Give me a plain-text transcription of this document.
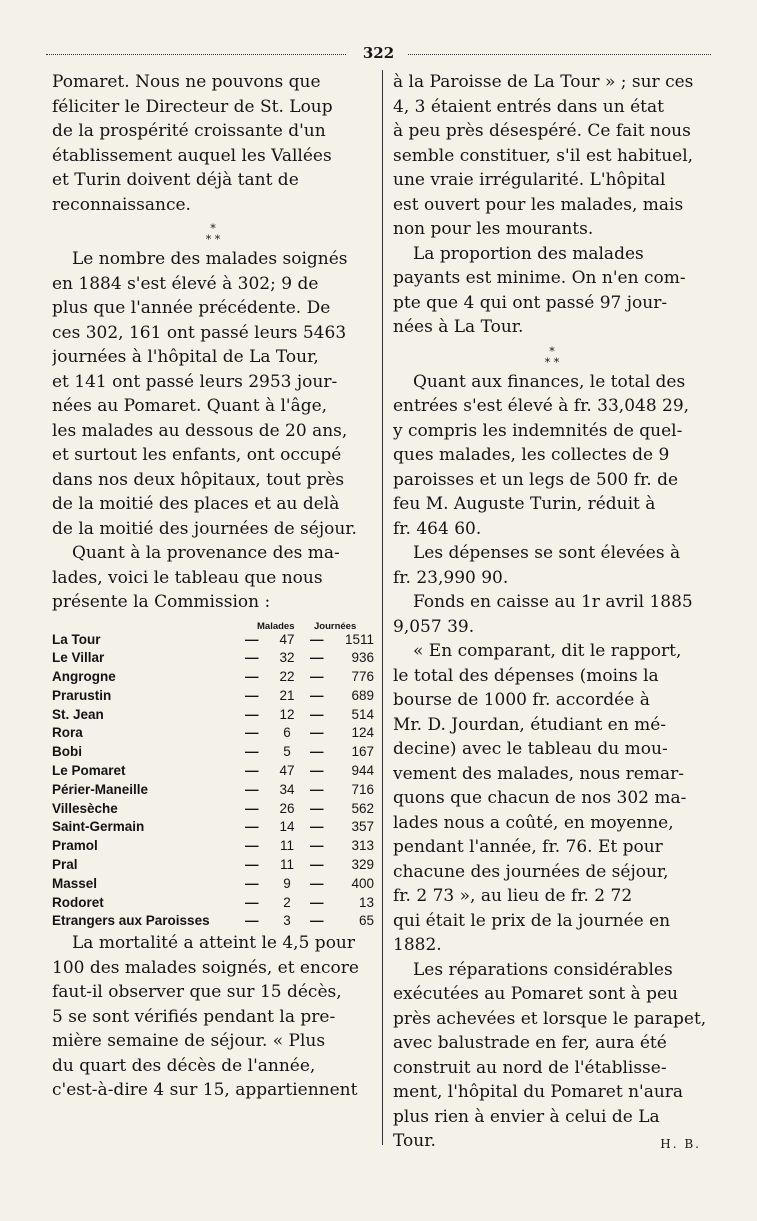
322
Pomaret. Nous ne pouvons que
féliciter le Directeur de St. Loup
de la prospérité croissante d'un
établissement auquel les Vallées
et Turin doivent déjà tant de
reconnaissance.
*
* *
Le nombre des malades soignés
en 1884 s'est élevé à 302; 9 de
plus que l'année précédente. De
ces 302, 161 ont passé leurs 5463
journées à l'hôpital de La Tour,
et 141 ont passé leurs 2953 jour-
nées au Pomaret. Quant à l'âge,
les malades au dessous de 20 ans,
et surtout les enfants, ont occupé
dans nos deux hôpitaux, tout près
de la moitié des places et au delà
de la moitié des journées de séjour.
Quant à la provenance des ma-
lades, voici le tableau que nous
présente la Commission :
Malades Journées
La Tour	—	47	—	1511
Le Villar	—	32	—	936
Angrogne	—	22	—	776
Prarustin	—	21	—	689
St. Jean	—	12	—	514
Rora	—	6	—	124
Bobi	—	5	—	167
Le Pomaret	—	47	—	944
Périer-Maneille	—	34	—	716
Villesèche	—	26	—	562
Saint-Germain	—	14	—	357
Pramol	—	11	—	313
Pral	—	11	—	329
Massel	—	9	—	400
Rodoret	—	2	—	13
Etrangers aux Paroisses	—	3	—	65
La mortalité a atteint le 4,5 pour
100 des malades soignés, et encore
faut-il observer que sur 15 décès,
5 se sont vérifiés pendant la pre-
mière semaine de séjour. « Plus
du quart des décès de l'année,
c'est-à-dire 4 sur 15, appartiennent
à la Paroisse de La Tour » ; sur ces
4, 3 étaient entrés dans un état
à peu près désespéré. Ce fait nous
semble constituer, s'il est habituel,
une vraie irrégularité. L'hôpital
est ouvert pour les malades, mais
non pour les mourants.
La proportion des malades
payants est minime. On n'en com-
pte que 4 qui ont passé 97 jour-
nées à La Tour.
*
* *
Quant aux finances, le total des
entrées s'est élevé à fr. 33,048 29,
y compris les indemnités de quel-
ques malades, les collectes de 9
paroisses et un legs de 500 fr. de
feu M. Auguste Turin, réduit à
fr. 464 60.
Les dépenses se sont élevées à
fr. 23,990 90.
Fonds en caisse au 1r avril 1885
9,057 39.
« En comparant, dit le rapport,
le total des dépenses (moins la
bourse de 1000 fr. accordée à
Mr. D. Jourdan, étudiant en mé-
decine) avec le tableau du mou-
vement des malades, nous remar-
quons que chacun de nos 302 ma-
lades nous a coûté, en moyenne,
pendant l'année, fr. 76. Et pour
chacune des journées de séjour,
fr. 2 73 », au lieu de fr. 2 72
qui était le prix de la journée en
1882.
Les réparations considérables
exécutées au Pomaret sont à peu
près achevées et lorsque le parapet,
avec balustrade en fer, aura été
construit au nord de l'établisse-
ment, l'hôpital du Pomaret n'aura
plus rien à envier à celui de La
Tour.	H. B.
